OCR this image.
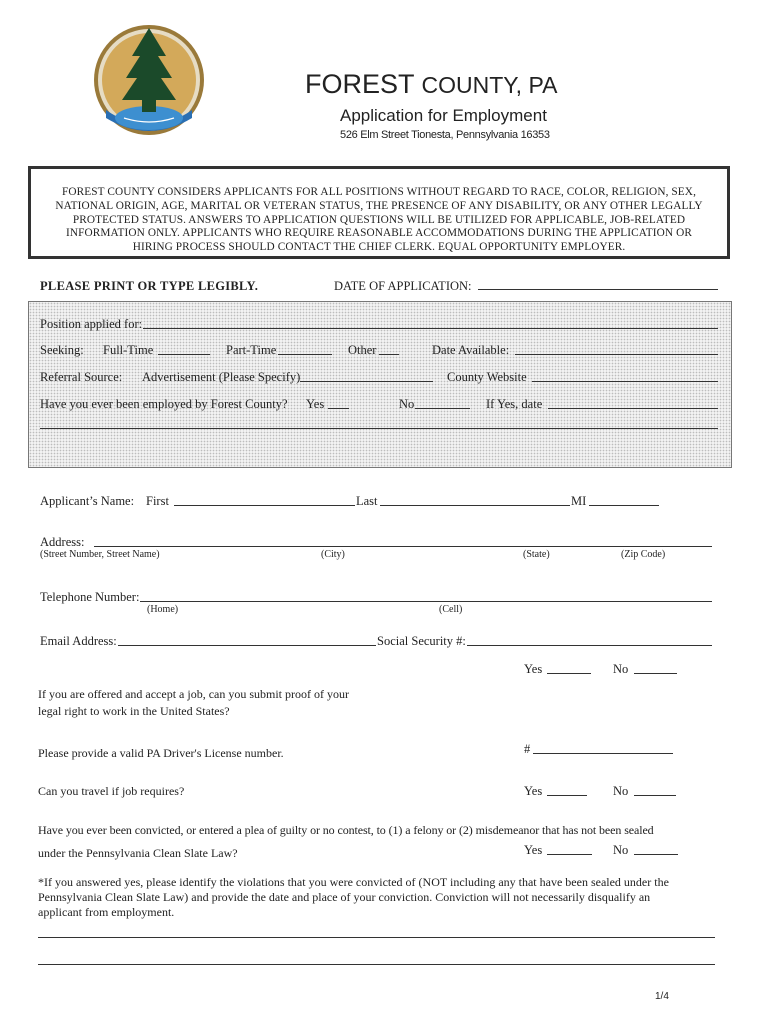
FOREST COUNTY, PA
Application for Employment
526 Elm Street Tionesta, Pennsylvania 16353
FOREST COUNTY CONSIDERS APPLICANTS FOR ALL POSITIONS WITHOUT REGARD TO RACE, COLOR, RELIGION, SEX,
NATIONAL ORIGIN, AGE, MARITAL OR VETERAN STATUS, THE PRESENCE OF ANY DISABILITY, OR ANY OTHER LEGALLY
PROTECTED STATUS. ANSWERS TO APPLICATION QUESTIONS WILL BE UTILIZED FOR APPLICABLE, JOB-RELATED
INFORMATION ONLY. APPLICANTS WHO REQUIRE REASONABLE ACCOMMODATIONS DURING THE APPLICATION OR
HIRING PROCESS SHOULD CONTACT THE CHIEF CLERK. EQUAL OPPORTUNITY EMPLOYER.
PLEASE PRINT OR TYPE LEGIBLY.	DATE OF APPLICATION:
Position applied for:
Seeking: Full-Time	Part-Time	Other	Date Available:
Referral Source: Advertisement (Please Specify)	County Website
Have you ever been employed by Forest County? Yes	No	If Yes, date
Applicant’s Name: First	Last	MI
Address:
(Street Number, Street Name)	(City)	(State)	(Zip Code)
Telephone Number:
(Home)	(Cell)
Email Address:	Social Security #:
Yes	No
If you are offered and accept a job, can you submit proof of your
legal right to work in the United States?
Please provide a valid PA Driver's License number.	#
Can you travel if job requires?	Yes	No
Have you ever been convicted, or entered a plea of guilty or no contest, to (1) a felony or (2) misdemeanor that has not been sealed
under the Pennsylvania Clean Slate Law?	Yes	No
*If you answered yes, please identify the violations that you were convicted of (NOT including any that have been sealed under the
Pennsylvania Clean Slate Law) and provide the date and place of your conviction. Conviction will not necessarily disqualify an
applicant from employment.
1/4
